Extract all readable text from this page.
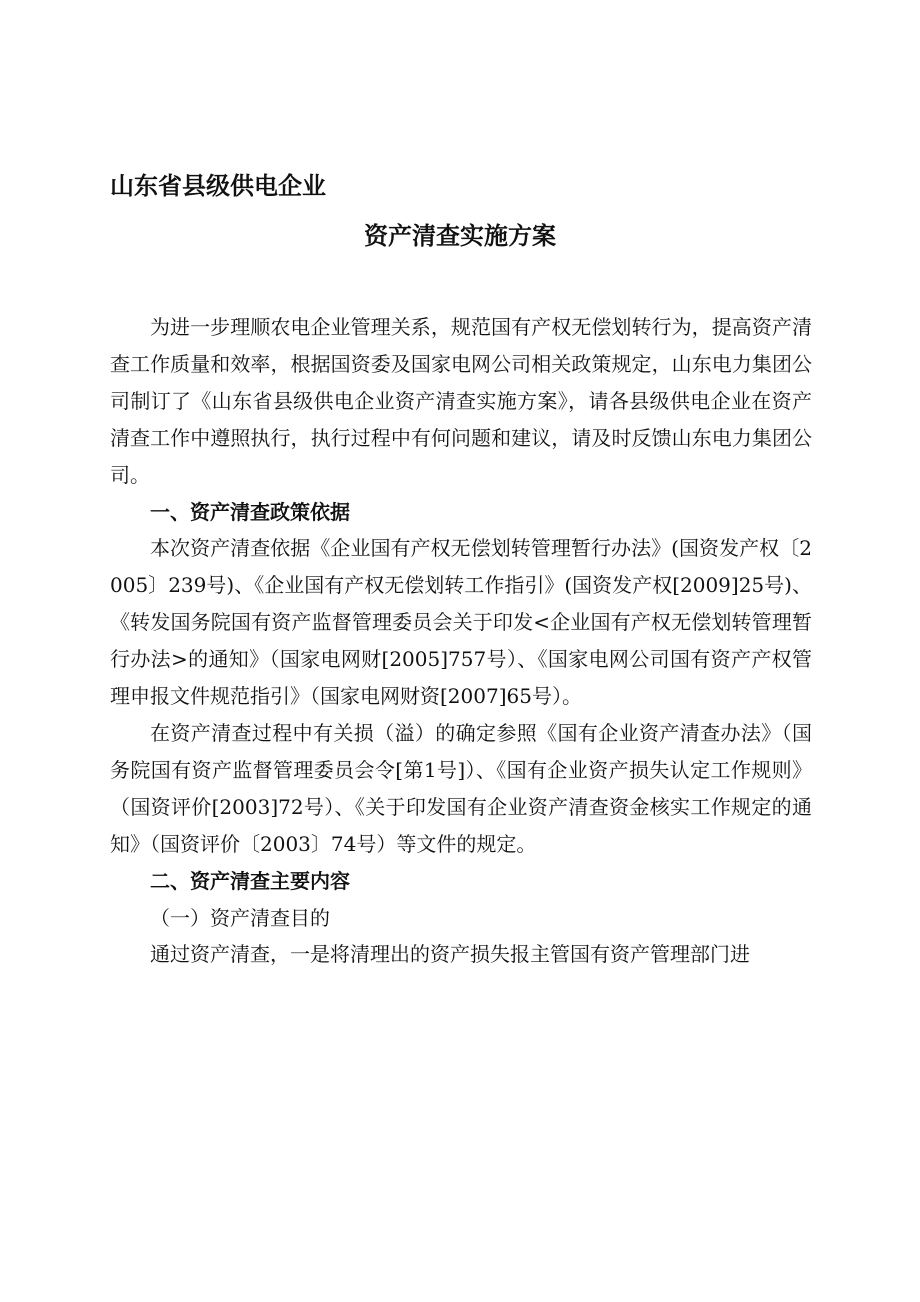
山东省县级供电企业
资产清查实施方案

为进一步理顺农电企业管理关系，规范国有产权无偿划转行为，提高资产清查工作质量和效率，根据国资委及国家电网公司相关政策规定，山东电力集团公司制订了《山东省县级供电企业资产清查实施方案》，请各县级供电企业在资产清查工作中遵照执行，执行过程中有何问题和建议，请及时反馈山东电力集团公司。

一、资产清查政策依据

本次资产清查依据《企业国有产权无偿划转管理暂行办法》(国资发产权〔2005〕239号)、《企业国有产权无偿划转工作指引》(国资发产权[2009]25号)、《转发国务院国有资产监督管理委员会关于印发<企业国有产权无偿划转管理暂行办法>的通知》（国家电网财[2005]757号）、《国家电网公司国有资产产权管理申报文件规范指引》（国家电网财资[2007]65号）。

在资产清查过程中有关损（溢）的确定参照《国有企业资产清查办法》（国务院国有资产监督管理委员会令[第1号]）、《国有企业资产损失认定工作规则》（国资评价[2003]72号）、《关于印发国有企业资产清查资金核实工作规定的通知》（国资评价〔2003〕74号）等文件的规定。

二、资产清查主要内容

（一）资产清查目的

通过资产清查，一是将清理出的资产损失报主管国有资产管理部门进
